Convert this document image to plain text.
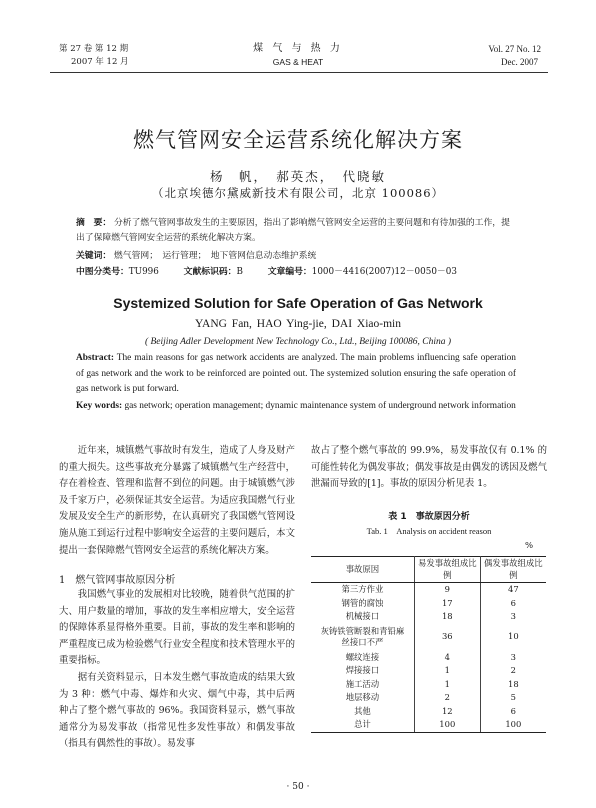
第 27 卷 第 12 期
2007 年 12 月
煤 气 与 热 力
GAS & HEAT
Vol. 27 No. 12
Dec. 2007
燃气管网安全运营系统化解决方案
杨　帆，　郝英杰，　代晓敏
（北京埃德尔黛威新技术有限公司，北京 100086）
摘　要： 分析了燃气管网事故发生的主要原因，指出了影响燃气管网安全运营的主要问题和有待加强的工作，提出了保障燃气管网安全运营的系统化解决方案。
关键词： 燃气管网；　运行管理；　地下管网信息动态维护系统
中图分类号：TU996	文献标识码：B	文章编号：1000－4416(2007)12－0050－03
Systemized Solution for Safe Operation of Gas Network
YANG Fan, HAO Ying-jie, DAI Xiao-min
( Beijing Adler Development New Technology Co., Ltd., Beijing 100086, China )
Abstract: The main reasons for gas network accidents are analyzed. The main problems influencing safe operation of gas network and the work to be reinforced are pointed out. The systemized solution ensuring the safe operation of gas network is put forward.
Key words: gas network; operation management; dynamic maintenance system of underground network information
近年来，城镇燃气事故时有发生，造成了人身及财产的重大损失。这些事故充分暴露了城镇燃气生产经营中，存在着检查、管理和监督不到位的问题。由于城镇燃气涉及千家万户，必须保证其安全运营。为适应我国燃气行业发展及安全生产的新形势，在认真研究了我国燃气管网设施从施工到运行过程中影响安全运营的主要问题后，本文提出一套保障燃气管网安全运营的系统化解决方案。
1　燃气管网事故原因分析
我国燃气事业的发展相对比较晚，随着供气范围的扩大、用户数量的增加，事故的发生率相应增大，安全运营的保障体系显得格外重要。目前，事故的发生率和影响的严重程度已成为检验燃气行业安全程度和技术管理水平的重要指标。
据有关资料显示，日本发生燃气事故造成的结果大致为 3 种：燃气中毒、爆炸和火灾、烟气中毒，其中后两种占了整个燃气事故的 96%。我国资料显示，燃气事故通常分为易发事故（指常见性多发性事故）和偶发事故（指具有偶然性的事故）。易发事
故占了整个燃气事故的 99.9%，易发事故仅有 0.1% 的可能性转化为偶发事故；偶发事故是由偶发的诱因及燃气泄漏而导致的[1]。事故的原因分析见表 1。
表 1　事故原因分析
Tab. 1　Analysis on accident reason
%
事故原因	易发事故组成比例	偶发事故组成比例
第三方作业	9	47
钢管的腐蚀	17	6
机械接口	18	3
灰铸铁管断裂和青铅麻丝接口不严	36	10
螺纹连接	4	3
焊接接口	1	2
施工活动	1	18
地层移动	2	5
其他	12	6
总计	100	100
· 50 ·
